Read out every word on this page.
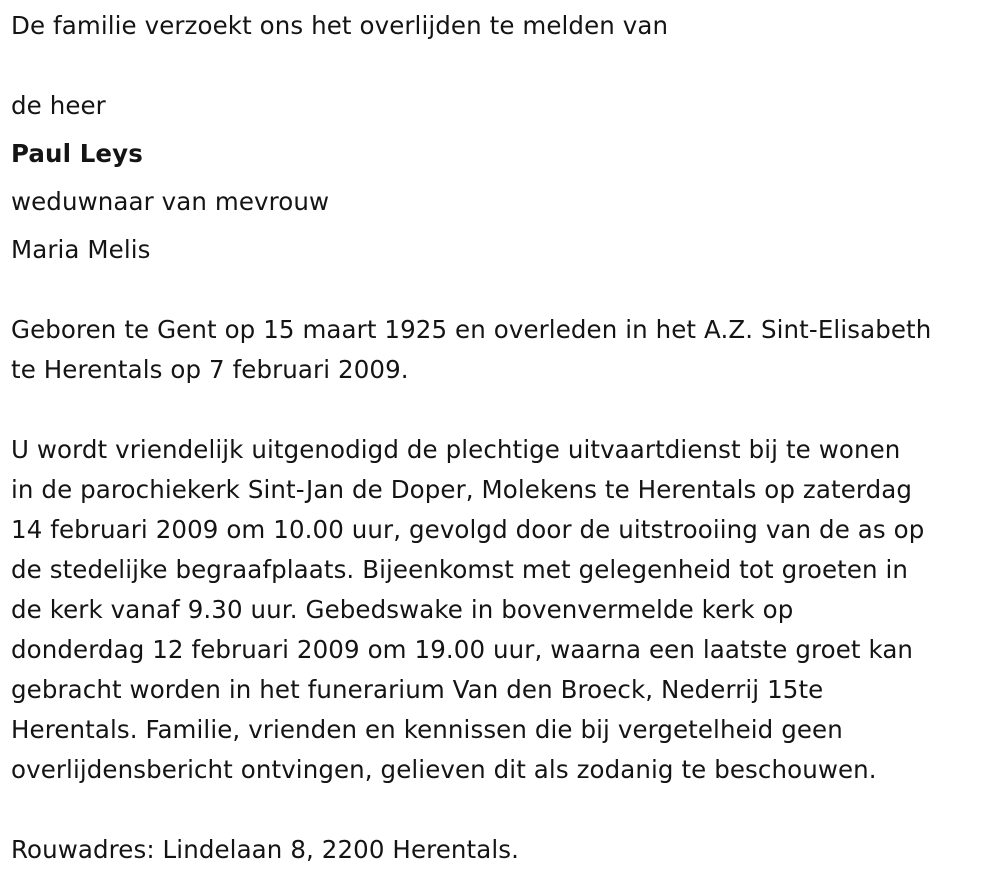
De familie verzoekt ons het overlijden te melden van
de heer
Paul Leys
weduwnaar van mevrouw
Maria Melis
Geboren te Gent op 15 maart 1925 en overleden in het A.Z. Sint-Elisabeth
te Herentals op 7 februari 2009.
U wordt vriendelijk uitgenodigd de plechtige uitvaartdienst bij te wonen
in de parochiekerk Sint-Jan de Doper, Molekens te Herentals op zaterdag
14 februari 2009 om 10.00 uur, gevolgd door de uitstrooiing van de as op
de stedelijke begraafplaats. Bijeenkomst met gelegenheid tot groeten in
de kerk vanaf 9.30 uur. Gebedswake in bovenvermelde kerk op
donderdag 12 februari 2009 om 19.00 uur, waarna een laatste groet kan
gebracht worden in het funerarium Van den Broeck, Nederrij 15te
Herentals. Familie, vrienden en kennissen die bij vergetelheid geen
overlijdensbericht ontvingen, gelieven dit als zodanig te beschouwen.
Rouwadres: Lindelaan 8, 2200 Herentals.
